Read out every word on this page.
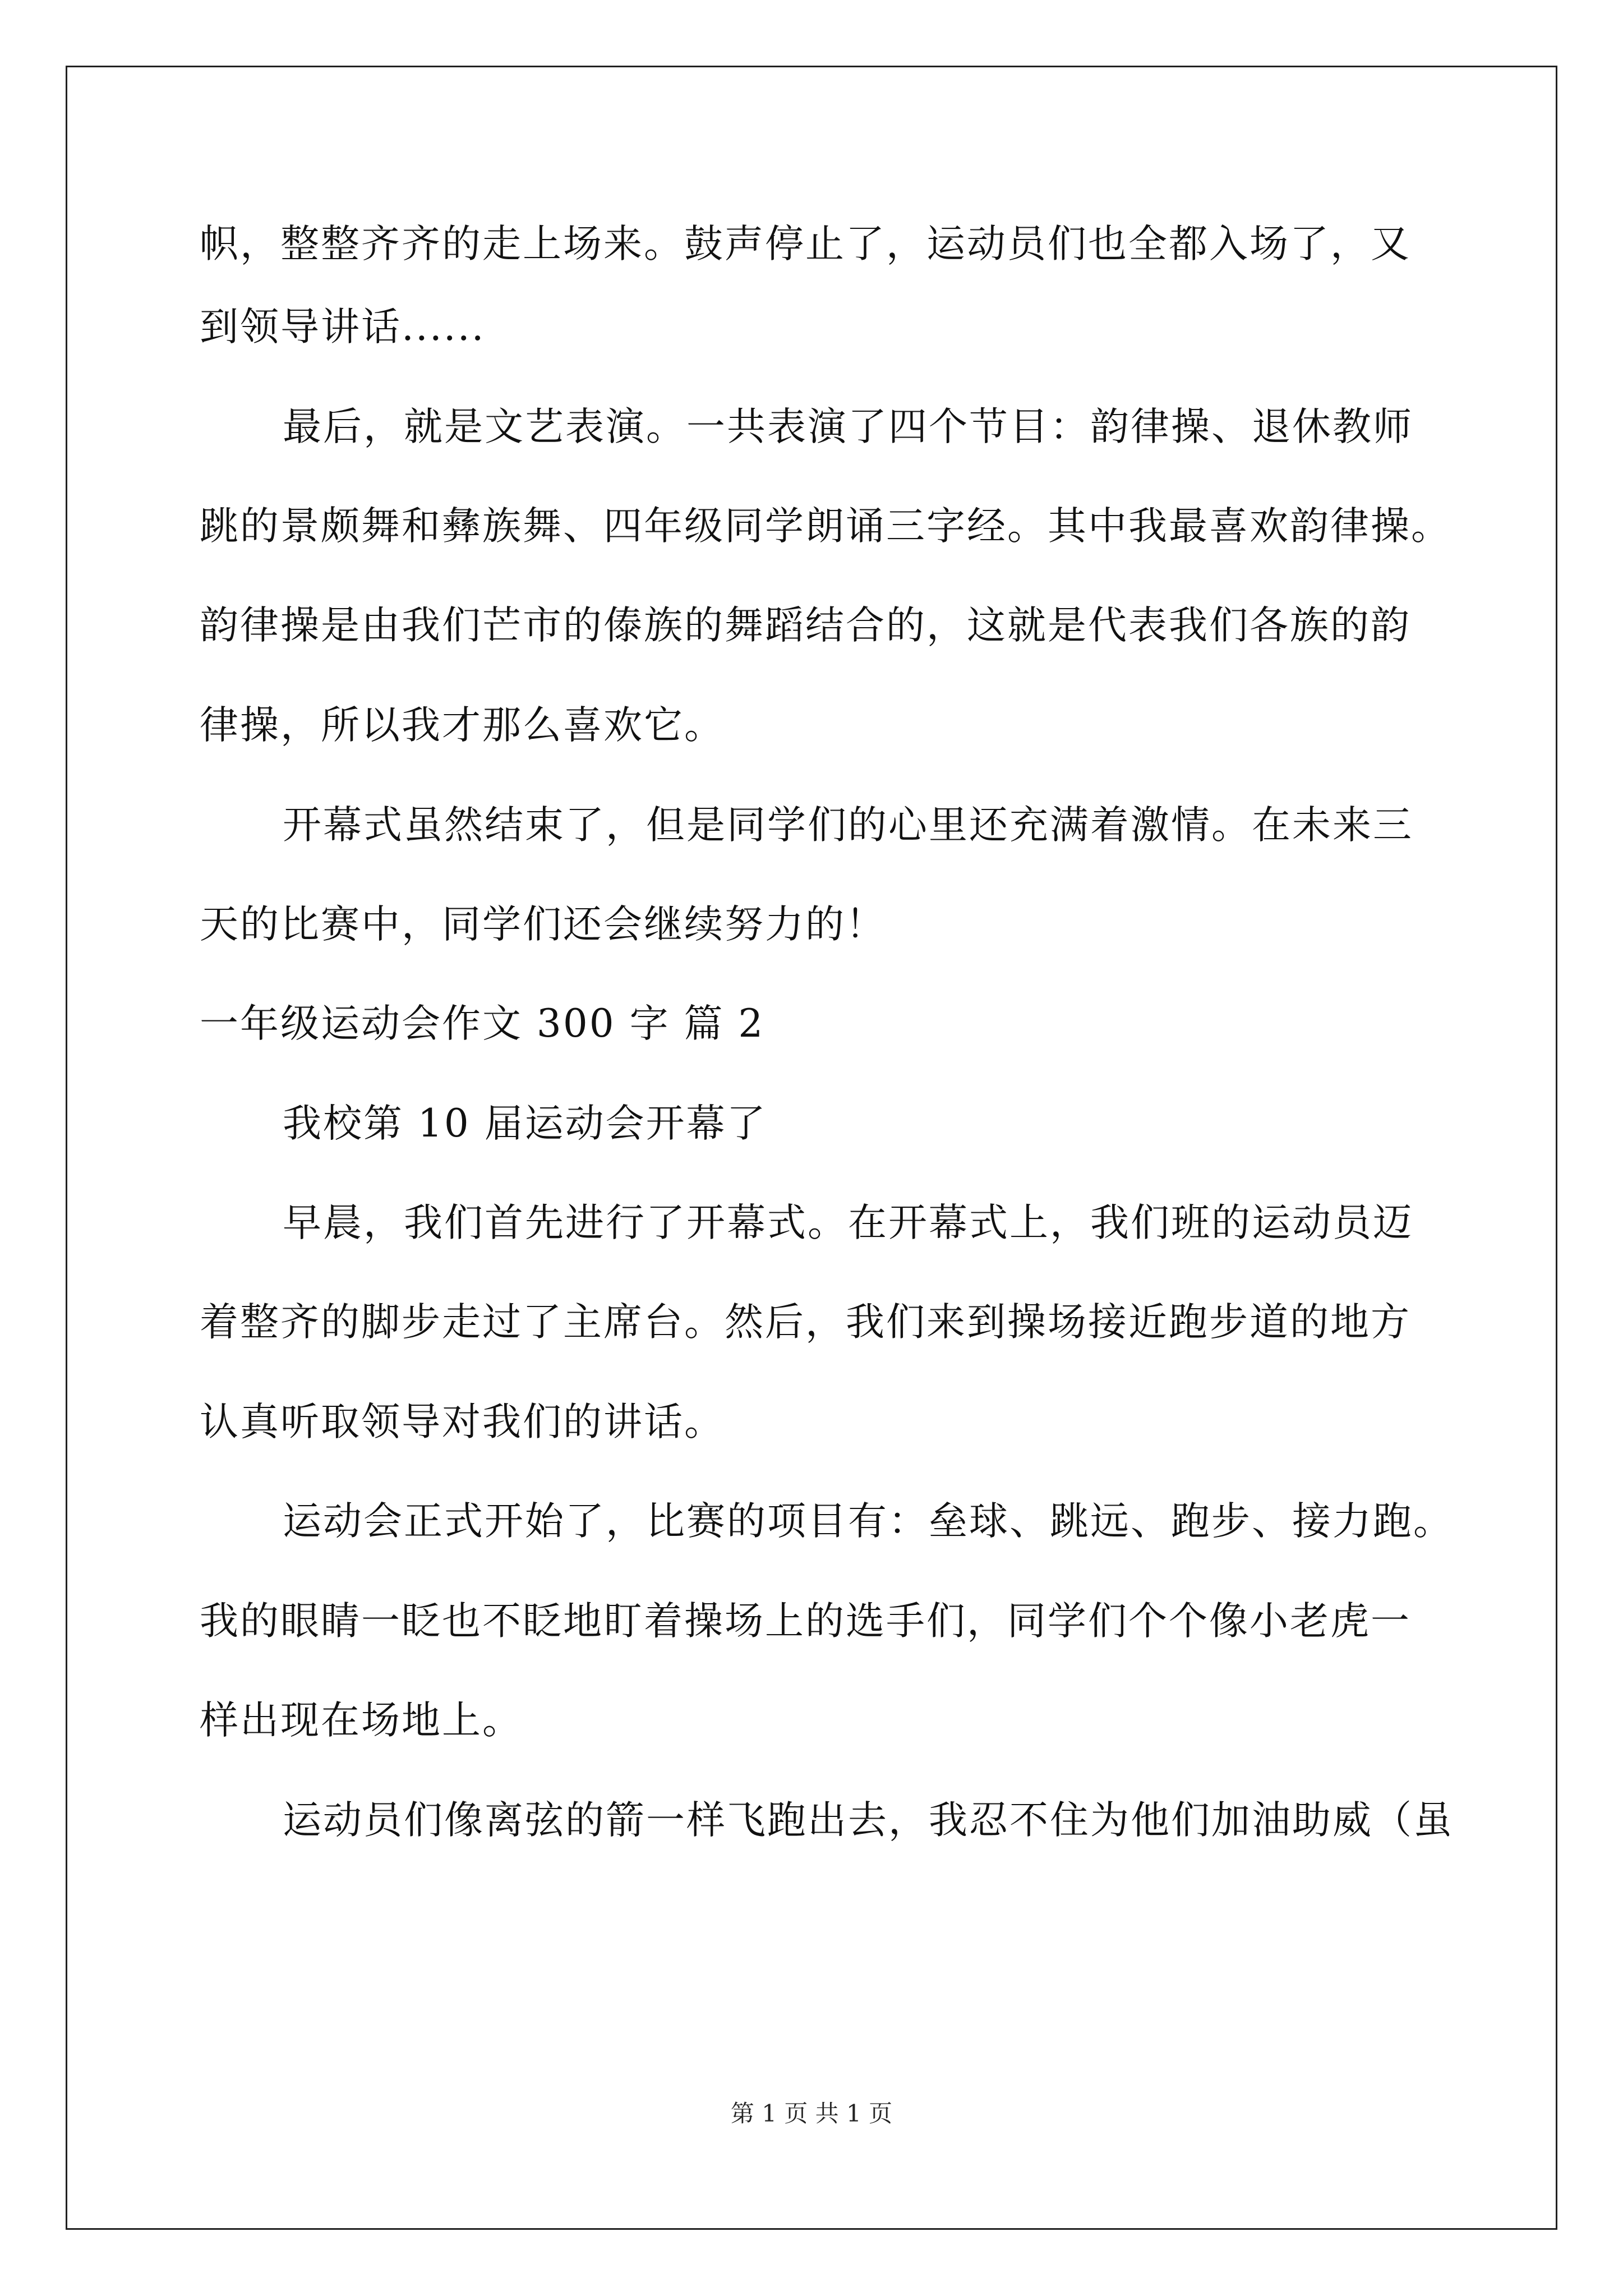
帜，整整齐齐的走上场来。鼓声停止了，运动员们也全都入场了，又
到领导讲话......
最后，就是文艺表演。一共表演了四个节目：韵律操、退休教师
跳的景颇舞和彝族舞、四年级同学朗诵三字经。其中我最喜欢韵律操。
韵律操是由我们芒市的傣族的舞蹈结合的，这就是代表我们各族的韵
律操，所以我才那么喜欢它。
开幕式虽然结束了，但是同学们的心里还充满着激情。在未来三
天的比赛中，同学们还会继续努力的！
一年级运动会作文 300 字 篇 2
我校第 10 届运动会开幕了
早晨，我们首先进行了开幕式。在开幕式上，我们班的运动员迈
着整齐的脚步走过了主席台。然后，我们来到操场接近跑步道的地方
认真听取领导对我们的讲话。
运动会正式开始了，比赛的项目有：垒球、跳远、跑步、接力跑。
我的眼睛一眨也不眨地盯着操场上的选手们，同学们个个像小老虎一
样出现在场地上。
运动员们像离弦的箭一样飞跑出去，我忍不住为他们加油助威（虽
第 1 页 共 1 页
